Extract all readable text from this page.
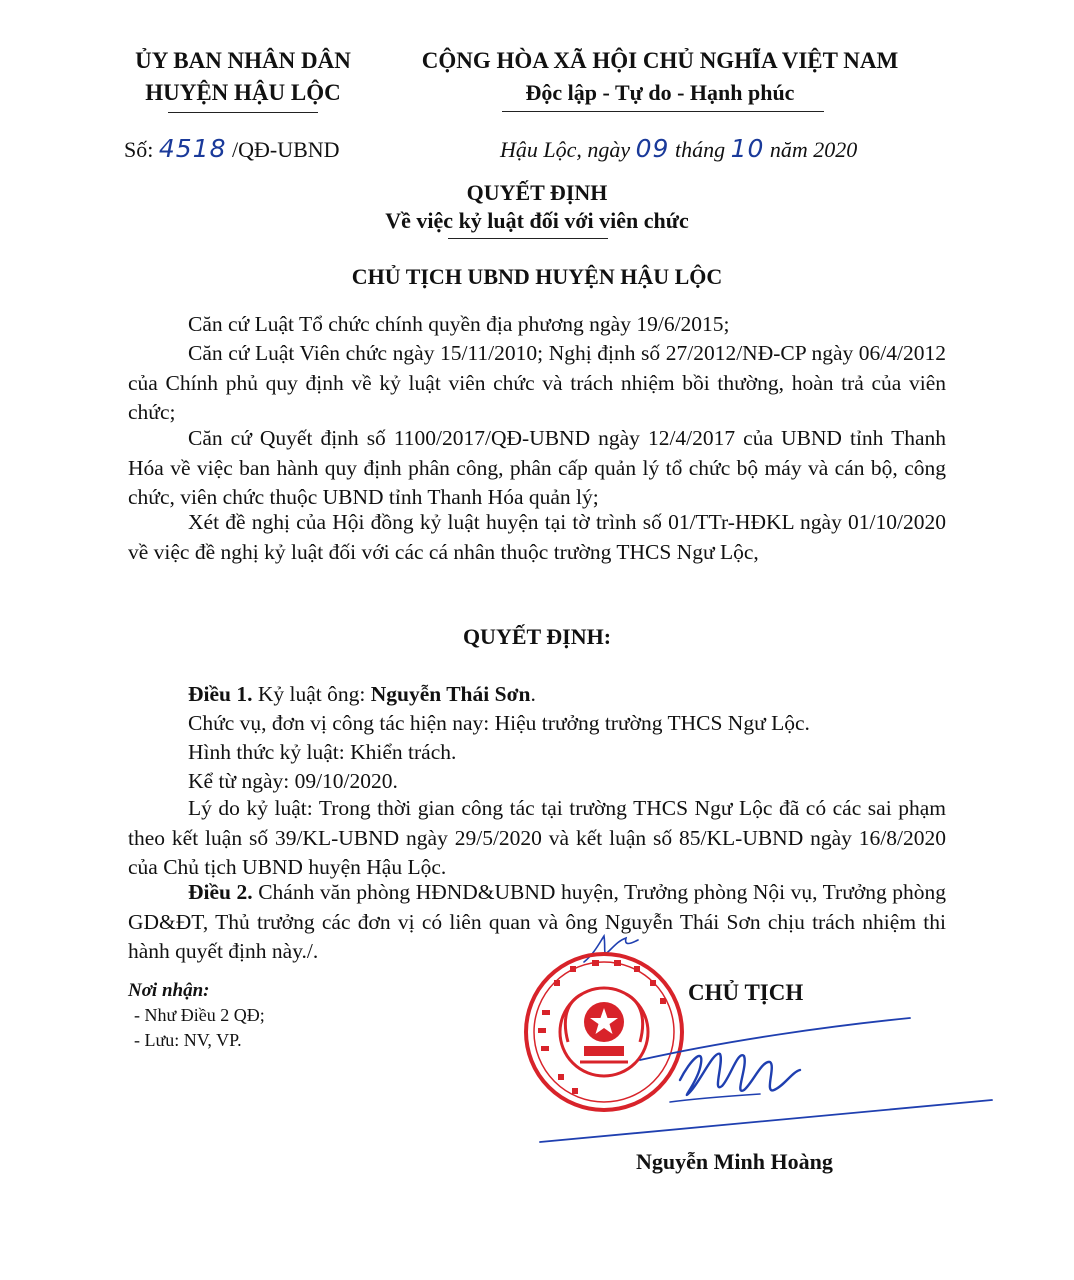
ỦY BAN NHÂN DÂN
HUYỆN HẬU LỘC
CỘNG HÒA XÃ HỘI CHỦ NGHĨA VIỆT NAM
Độc lập - Tự do - Hạnh phúc
Số: 4518 /QĐ-UBND	Hậu Lộc, ngày 09 tháng 10 năm 2020
QUYẾT ĐỊNH
Về việc kỷ luật đối với viên chức
CHỦ TỊCH UBND HUYỆN HẬU LỘC
Căn cứ Luật Tổ chức chính quyền địa phương ngày 19/6/2015;
Căn cứ Luật Viên chức ngày 15/11/2010; Nghị định số 27/2012/NĐ-CP ngày 06/4/2012 của Chính phủ quy định về kỷ luật viên chức và trách nhiệm bồi thường, hoàn trả của viên chức;
Căn cứ Quyết định số 1100/2017/QĐ-UBND ngày 12/4/2017 của UBND tỉnh Thanh Hóa về việc ban hành quy định phân công, phân cấp quản lý tổ chức bộ máy và cán bộ, công chức, viên chức thuộc UBND tỉnh Thanh Hóa quản lý;
Xét đề nghị của Hội đồng kỷ luật huyện tại tờ trình số 01/TTr-HĐKL ngày 01/10/2020 về việc đề nghị kỷ luật đối với các cá nhân thuộc trường THCS Ngư Lộc,
QUYẾT ĐỊNH:
Điều 1. Kỷ luật ông: Nguyễn Thái Sơn.
Chức vụ, đơn vị công tác hiện nay: Hiệu trưởng trường THCS Ngư Lộc.
Hình thức kỷ luật: Khiển trách.
Kể từ ngày: 09/10/2020.
Lý do kỷ luật: Trong thời gian công tác tại trường THCS Ngư Lộc đã có các sai phạm theo kết luận số 39/KL-UBND ngày 29/5/2020 và kết luận số 85/KL-UBND ngày 16/8/2020 của Chủ tịch UBND huyện Hậu Lộc.
Điều 2. Chánh văn phòng HĐND&UBND huyện, Trưởng phòng Nội vụ, Trưởng phòng GD&ĐT, Thủ trưởng các đơn vị có liên quan và ông Nguyễn Thái Sơn chịu trách nhiệm thi hành quyết định này./.
Nơi nhận:
- Như Điều 2 QĐ;
- Lưu: NV, VP.
CHỦ TỊCH
Nguyễn Minh Hoàng
